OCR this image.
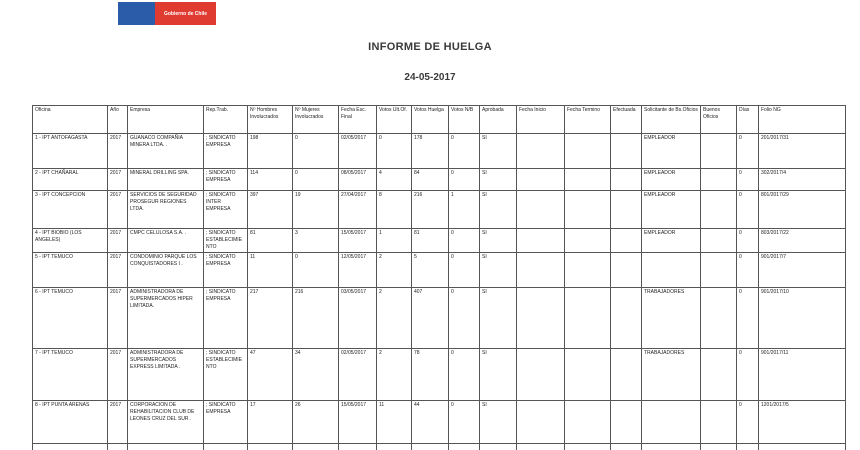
Gobierno de Chile
INFORME DE HUELGA
24-05-2017
Oficina	Año	Empresa	Rep.Trab.	Nº Hombres Involucrados	Nº Mujeres Involucrados	Fecha Esc. Final	Votos Ult.Of.	Votos Huelga	Votos N/B	Aprobada	Fecha Inicio	Fecha Termino	Efectuada	Solicitante de Bs.Oficios	Buenos Oficios	Días	Folio NG
1 - IPT ANTOFAGASTA	2017	GUANACO COMPAÑIA MINERA LTDA. .	; SINDICATO EMPRESA	198	0	02/05/2017	0	178	0	SI				EMPLEADOR		0	201/2017/31
2 - IPT CHAÑARAL	2017	MINERAL DRILLING SPA.	; SINDICATO EMPRESA	114	0	08/05/2017	4	84	0	SI				EMPLEADOR		0	302/2017/4
3 - IPT CONCEPCION	2017	SERVICIOS DE SEGURIDAD PROSEGUR REGIONES LTDA.	; SINDICATO INTER EMPRESA	397	19	27/04/2017	8	216	1	SI				EMPLEADOR		0	801/2017/29
4 - IPT BIOBIO (LOS ANGELES)	2017	CMPC CELULOSA S.A. .	; SINDICATO ESTABLECIMIENTO	81	3	15/05/2017	1	81	0	SI				EMPLEADOR		0	803/2017/22
5 - IPT TEMUCO	2017	CONDOMINIO PARQUE LOS CONQUISTADORES I .	; SINDICATO EMPRESA	11	0	12/05/2017	2	5	0	SI						0	901/2017/7
6 - IPT TEMUCO	2017	ADMINISTRADORA DE SUPERMERCADOS HIPER LIMITADA.	; SINDICATO EMPRESA	217	216	03/05/2017	2	407	0	SI				TRABAJADORES		0	901/2017/10
7 - IPT TEMUCO	2017	ADMINISTRADORA DE SUPERMERCADOS EXPRESS LIMITADA .	; SINDICATO ESTABLECIMIENTO	47	34	02/05/2017	2	78	0	SI				TRABAJADORES		0	901/2017/11
8 - IPT PUNTA ARENAS	2017	CORPORACION DE REHABILITACION CLUB DE LEONES CRUZ DEL SUR .	; SINDICATO EMPRESA	17	26	15/05/2017	11	44	0	SI						0	1201/2017/5
